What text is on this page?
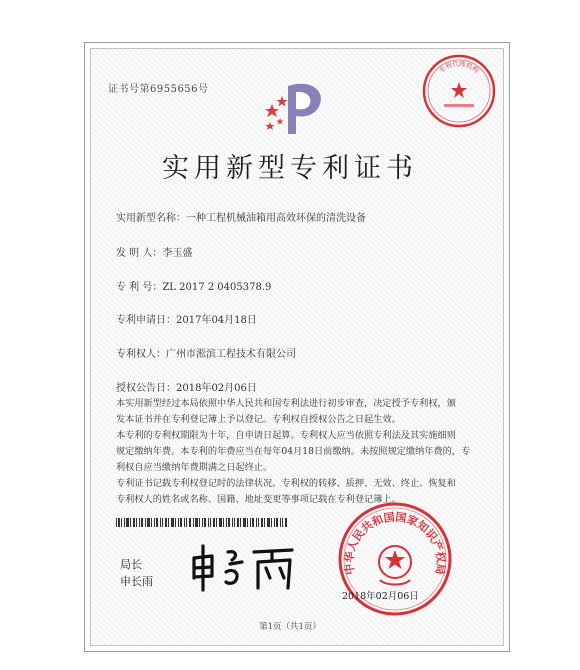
证书号第6955656号
专利代理机构
实用新型专利证书
实用新型名称：一种工程机械油箱用高效环保的清洗设备
发 明 人：李玉盛
专 利 号：ZL 2017 2 0405378.9
专利申请日：2017年04月18日
专利权人：广州市淞滨工程技术有限公司
授权公告日：2018年02月06日
本实用新型经过本局依照中华人民共和国专利法进行初步审查，决定授予专利权，颁
发本证书并在专利登记簿上予以登记。专利权自授权公告之日起生效。
本专利的专利权期限为十年，自申请日起算。专利权人应当依照专利法及其实施细则
规定缴纳年费。本专利的年费应当在每年04月18日前缴纳。未按照规定缴纳年费的，专
利权自应当缴纳年费期满之日起终止。
专利证书记载专利权登记时的法律状况。专利权的转移、质押、无效、终止、恢复和
专利权人的姓名或名称、国籍、地址变更等事项记载在专利登记簿上。
局长
申长雨
中华人民共和国国家知识产权局
2018年02月06日
第1页（共1页）
